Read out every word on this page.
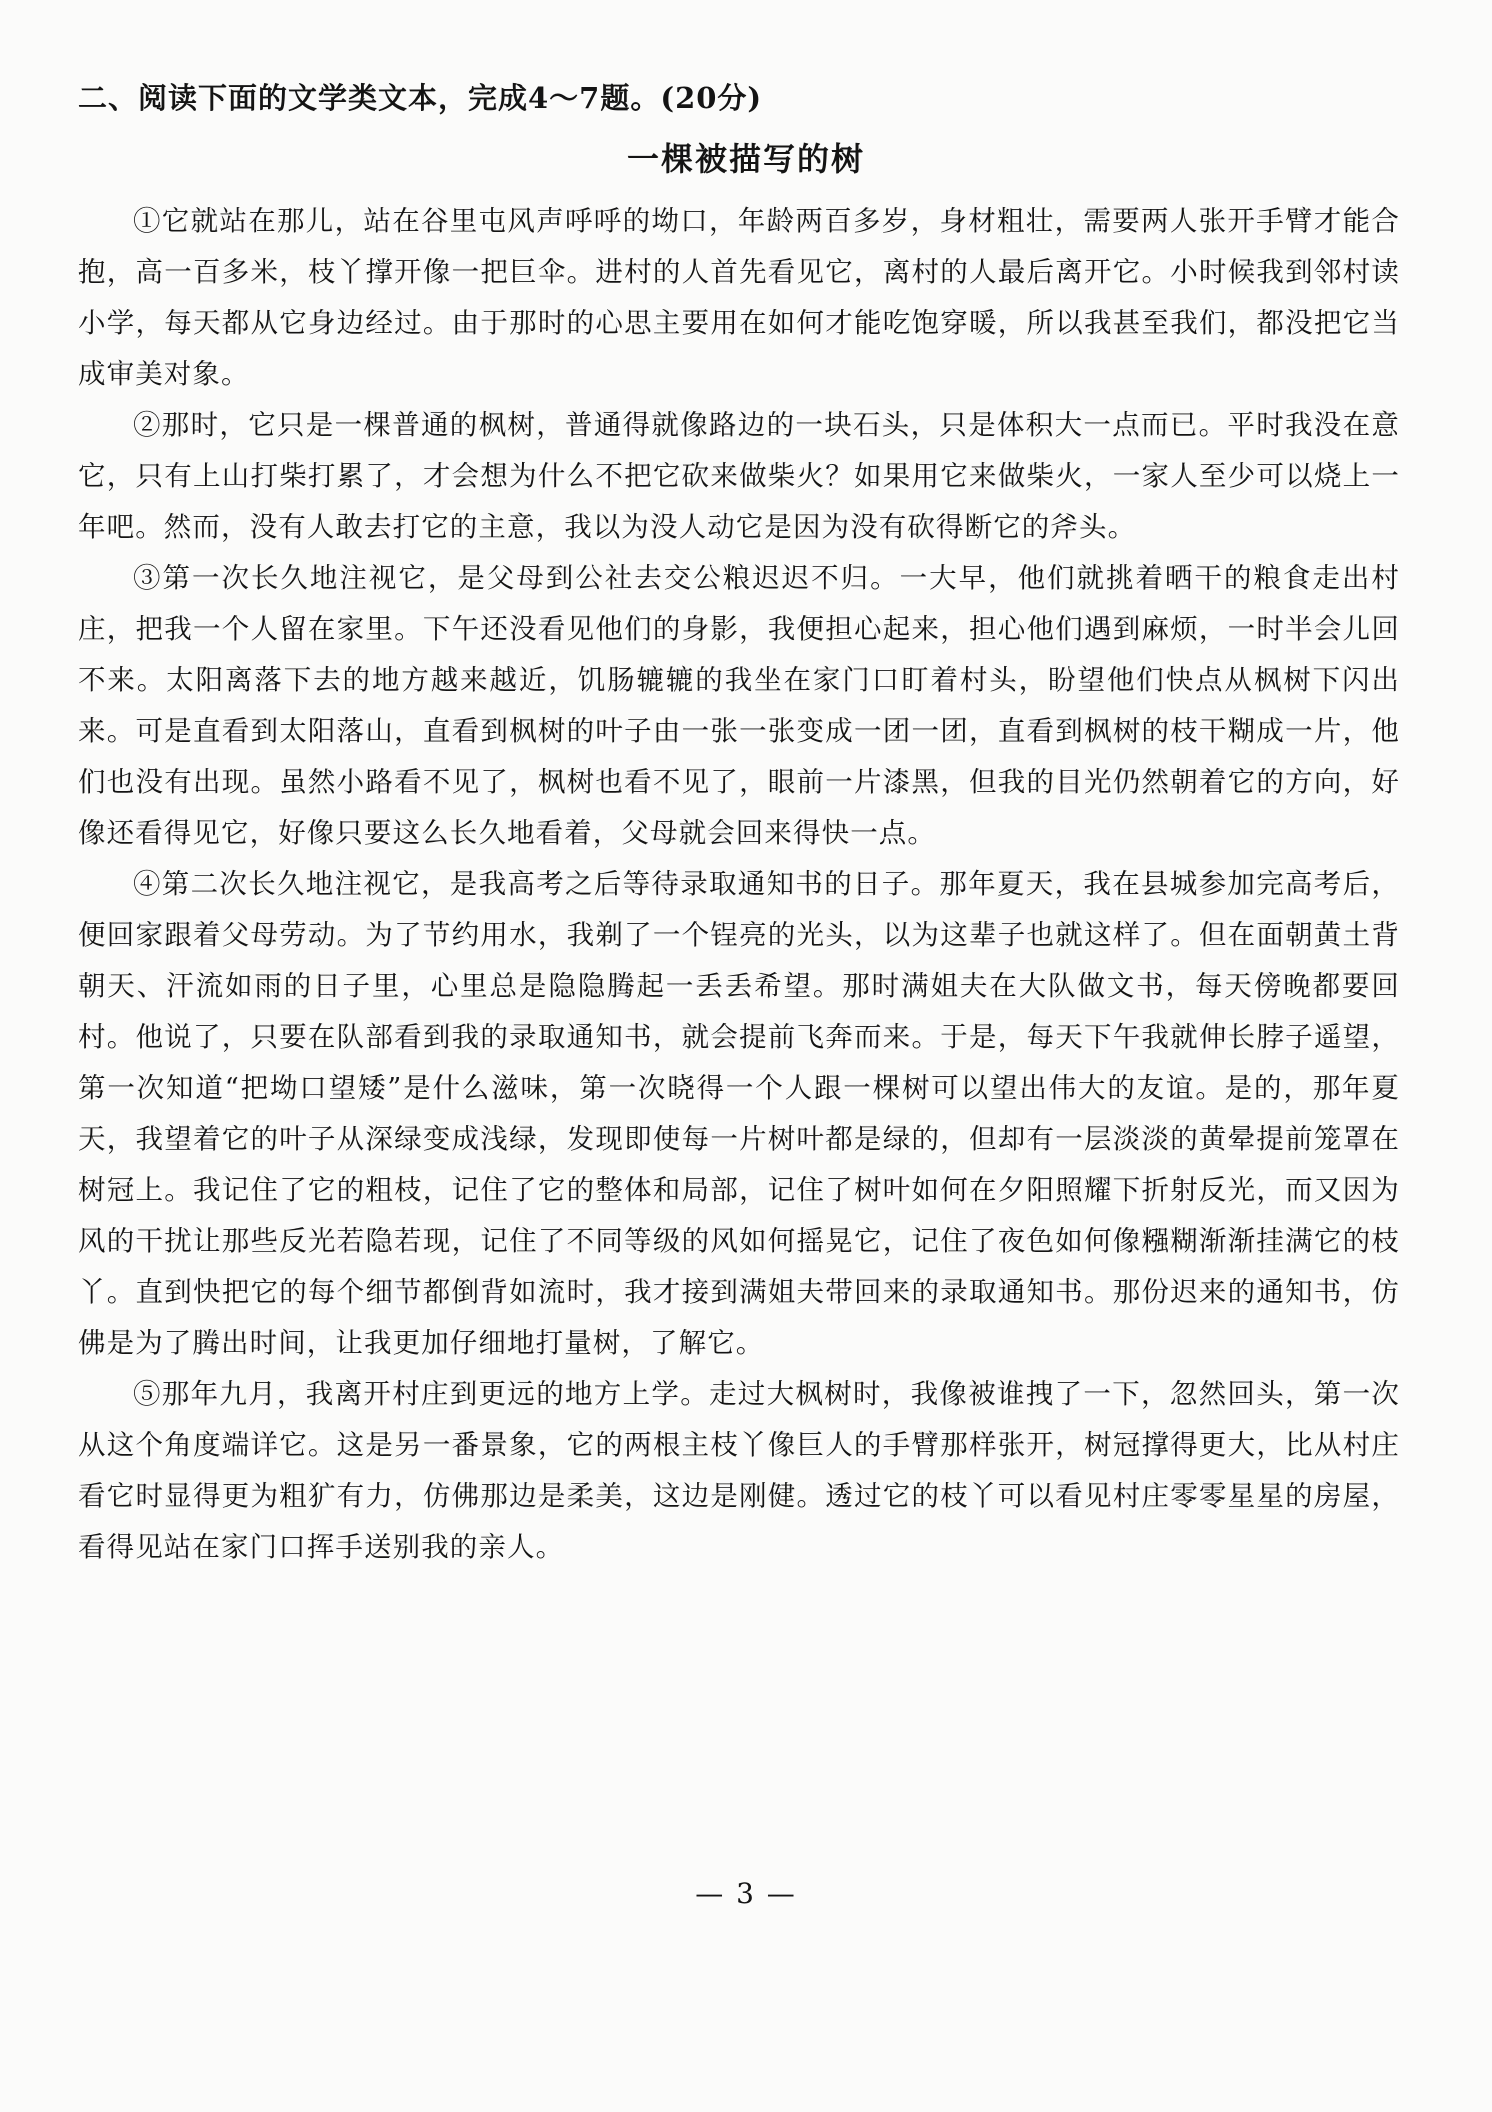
二、阅读下面的文学类文本，完成4～7题。(20分)
一棵被描写的树

①它就站在那儿，站在谷里屯风声呼呼的坳口，年龄两百多岁，身材粗壮，需要两人张开手臂才能合抱，高一百多米，枝丫撑开像一把巨伞。进村的人首先看见它，离村的人最后离开它。小时候我到邻村读小学，每天都从它身边经过。由于那时的心思主要用在如何才能吃饱穿暖，所以我甚至我们，都没把它当成审美对象。

②那时，它只是一棵普通的枫树，普通得就像路边的一块石头，只是体积大一点而已。平时我没在意它，只有上山打柴打累了，才会想为什么不把它砍来做柴火？如果用它来做柴火，一家人至少可以烧上一年吧。然而，没有人敢去打它的主意，我以为没人动它是因为没有砍得断它的斧头。

③第一次长久地注视它，是父母到公社去交公粮迟迟不归。一大早，他们就挑着晒干的粮食走出村庄，把我一个人留在家里。下午还没看见他们的身影，我便担心起来，担心他们遇到麻烦，一时半会儿回不来。太阳离落下去的地方越来越近，饥肠辘辘的我坐在家门口盯着村头，盼望他们快点从枫树下闪出来。可是直看到太阳落山，直看到枫树的叶子由一张一张变成一团一团，直看到枫树的枝干糊成一片，他们也没有出现。虽然小路看不见了，枫树也看不见了，眼前一片漆黑，但我的目光仍然朝着它的方向，好像还看得见它，好像只要这么长久地看着，父母就会回来得快一点。

④第二次长久地注视它，是我高考之后等待录取通知书的日子。那年夏天，我在县城参加完高考后，便回家跟着父母劳动。为了节约用水，我剃了一个锃亮的光头，以为这辈子也就这样了。但在面朝黄土背朝天、汗流如雨的日子里，心里总是隐隐腾起一丢丢希望。那时满姐夫在大队做文书，每天傍晚都要回村。他说了，只要在队部看到我的录取通知书，就会提前飞奔而来。于是，每天下午我就伸长脖子遥望，第一次知道“把坳口望矮”是什么滋味，第一次晓得一个人跟一棵树可以望出伟大的友谊。是的，那年夏天，我望着它的叶子从深绿变成浅绿，发现即使每一片树叶都是绿的，但却有一层淡淡的黄晕提前笼罩在树冠上。我记住了它的粗枝，记住了它的整体和局部，记住了树叶如何在夕阳照耀下折射反光，而又因为风的干扰让那些反光若隐若现，记住了不同等级的风如何摇晃它，记住了夜色如何像糨糊渐渐挂满它的枝丫。直到快把它的每个细节都倒背如流时，我才接到满姐夫带回来的录取通知书。那份迟来的通知书，仿佛是为了腾出时间，让我更加仔细地打量树，了解它。

⑤那年九月，我离开村庄到更远的地方上学。走过大枫树时，我像被谁拽了一下，忽然回头，第一次从这个角度端详它。这是另一番景象，它的两根主枝丫像巨人的手臂那样张开，树冠撑得更大，比从村庄看它时显得更为粗犷有力，仿佛那边是柔美，这边是刚健。透过它的枝丫可以看见村庄零零星星的房屋，看得见站在家门口挥手送别我的亲人。

— 3 —
